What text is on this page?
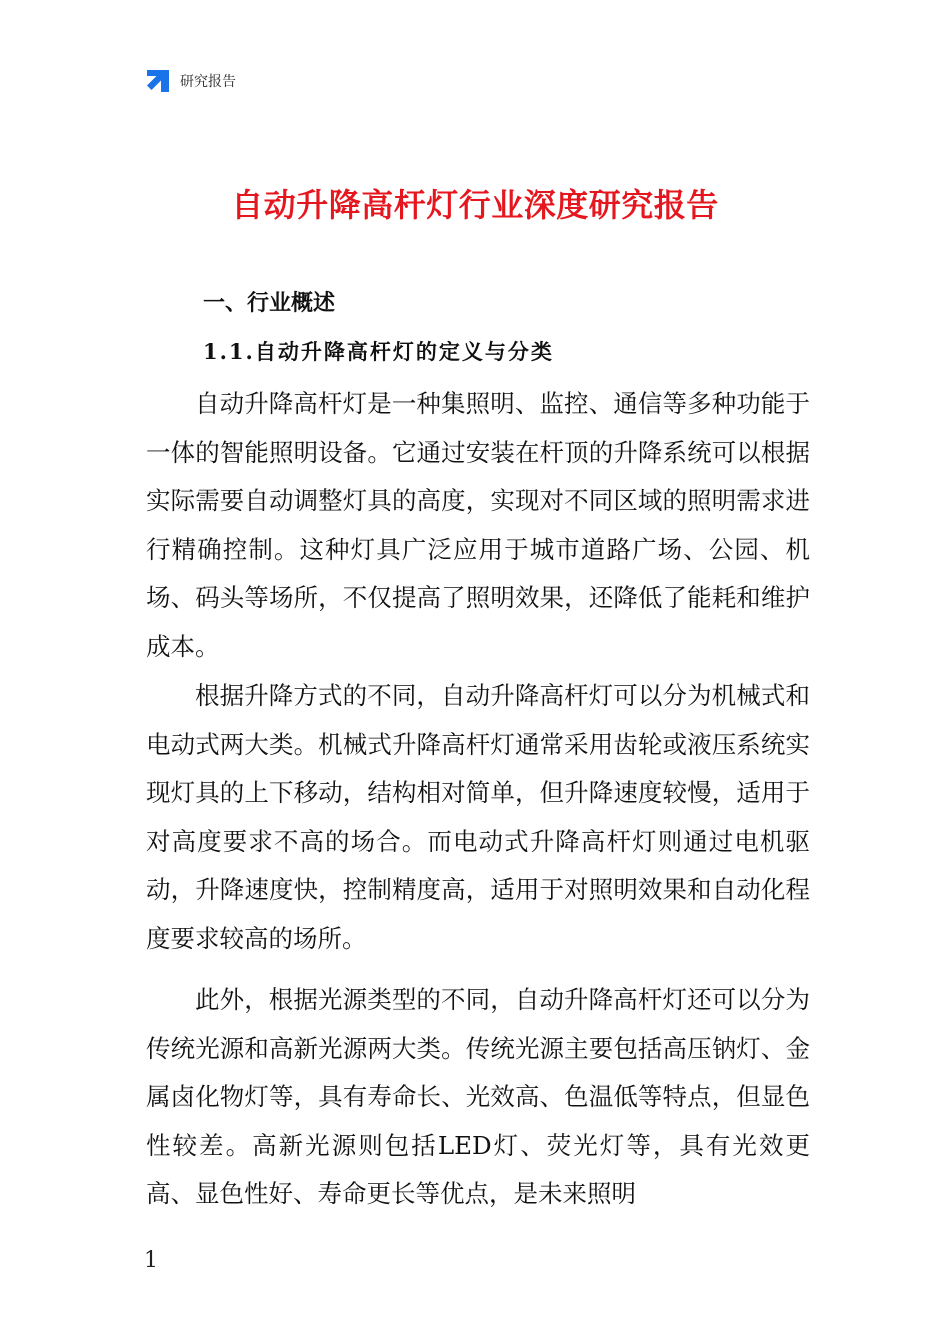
研究报告
自动升降高杆灯行业深度研究报告
一、行业概述
1.1.自动升降高杆灯的定义与分类

自动升降高杆灯是一种集照明、监控、通信等多种功能于一体的智能照明设备。它通过安装在杆顶的升降系统可以根据实际需要自动调整灯具的高度，实现对不同区域的照明需求进行精确控制。这种灯具广泛应用于城市道路广场、公园、机场、码头等场所，不仅提高了照明效果，还降低了能耗和维护成本。

根据升降方式的不同，自动升降高杆灯可以分为机械式和电动式两大类。机械式升降高杆灯通常采用齿轮或液压系统实现灯具的上下移动，结构相对简单，但升降速度较慢，适用于对高度要求不高的场合。而电动式升降高杆灯则通过电机驱动，升降速度快，控制精度高，适用于对照明效果和自动化程度要求较高的场所。

此外，根据光源类型的不同，自动升降高杆灯还可以分为传统光源和高新光源两大类。传统光源主要包括高压钠灯、金属卤化物灯等，具有寿命长、光效高、色温低等特点，但显色性较差。高新光源则包括LED灯、荧光灯等，具有光效更高、显色性好、寿命更长等优点，是未来照明

1
